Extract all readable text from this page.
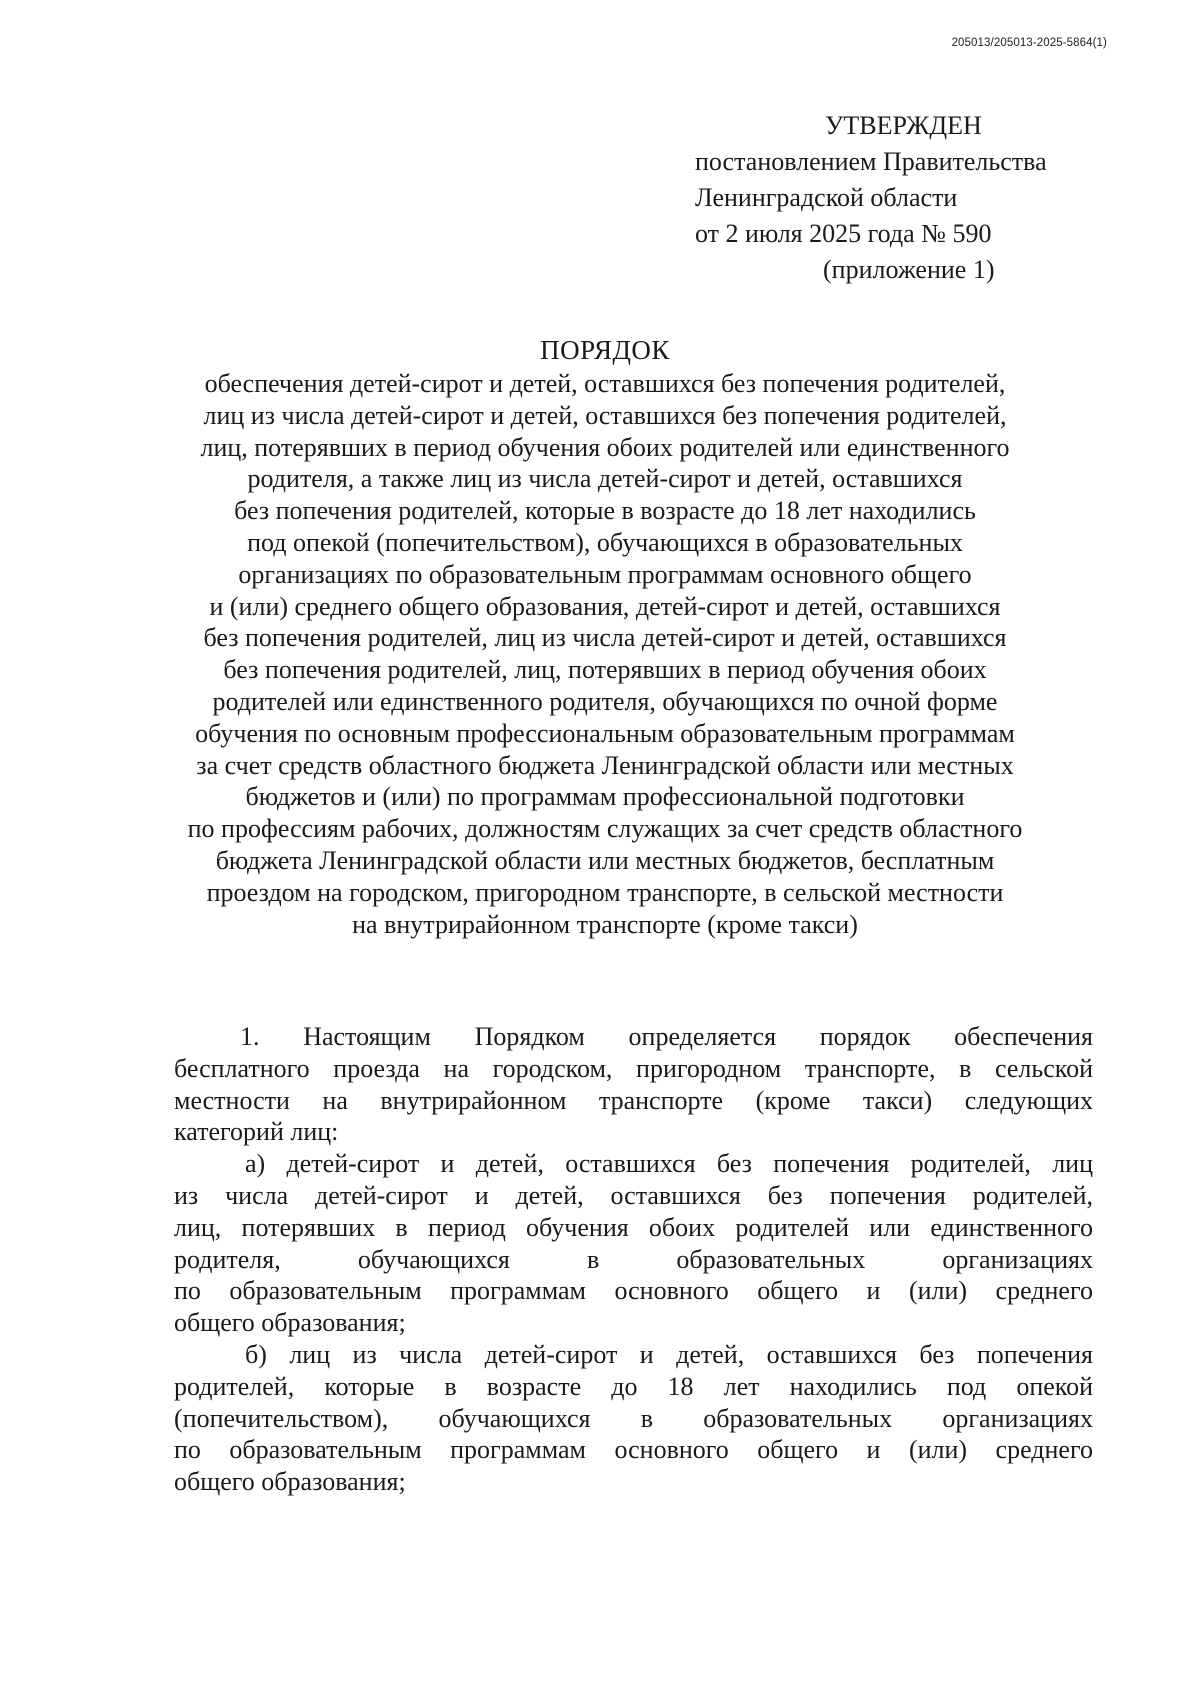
205013/205013-2025-5864(1)
УТВЕРЖДЕН
постановлением Правительства
Ленинградской области
от 2 июля 2025 года № 590
(приложение 1)
ПОРЯДОК
обеспечения детей-сирот и детей, оставшихся без попечения родителей,
лиц из числа детей-сирот и детей, оставшихся без попечения родителей,
лиц, потерявших в период обучения обоих родителей или единственного
родителя, а также лиц из числа детей-сирот и детей, оставшихся
без попечения родителей, которые в возрасте до 18 лет находились
под опекой (попечительством), обучающихся в образовательных
организациях по образовательным программам основного общего
и (или) среднего общего образования, детей-сирот и детей, оставшихся
без попечения родителей, лиц из числа детей-сирот и детей, оставшихся
без попечения родителей, лиц, потерявших в период обучения обоих
родителей или единственного родителя, обучающихся по очной форме
обучения по основным профессиональным образовательным программам
за счет средств областного бюджета Ленинградской области или местных
бюджетов и (или) по программам профессиональной подготовки
по профессиям рабочих, должностям служащих за счет средств областного
бюджета Ленинградской области или местных бюджетов, бесплатным
проездом на городском, пригородном транспорте, в сельской местности
на внутрирайонном транспорте (кроме такси)
1. Настоящим Порядком определяется порядок обеспечения
бесплатного проезда на городском, пригородном транспорте, в сельской
местности на внутрирайонном транспорте (кроме такси) следующих
категорий лиц:
а) детей-сирот и детей, оставшихся без попечения родителей, лиц
из числа детей-сирот и детей, оставшихся без попечения родителей,
лиц, потерявших в период обучения обоих родителей или единственного
родителя, обучающихся в образовательных организациях
по образовательным программам основного общего и (или) среднего
общего образования;
б) лиц из числа детей-сирот и детей, оставшихся без попечения
родителей, которые в возрасте до 18 лет находились под опекой
(попечительством), обучающихся в образовательных организациях
по образовательным программам основного общего и (или) среднего
общего образования;
